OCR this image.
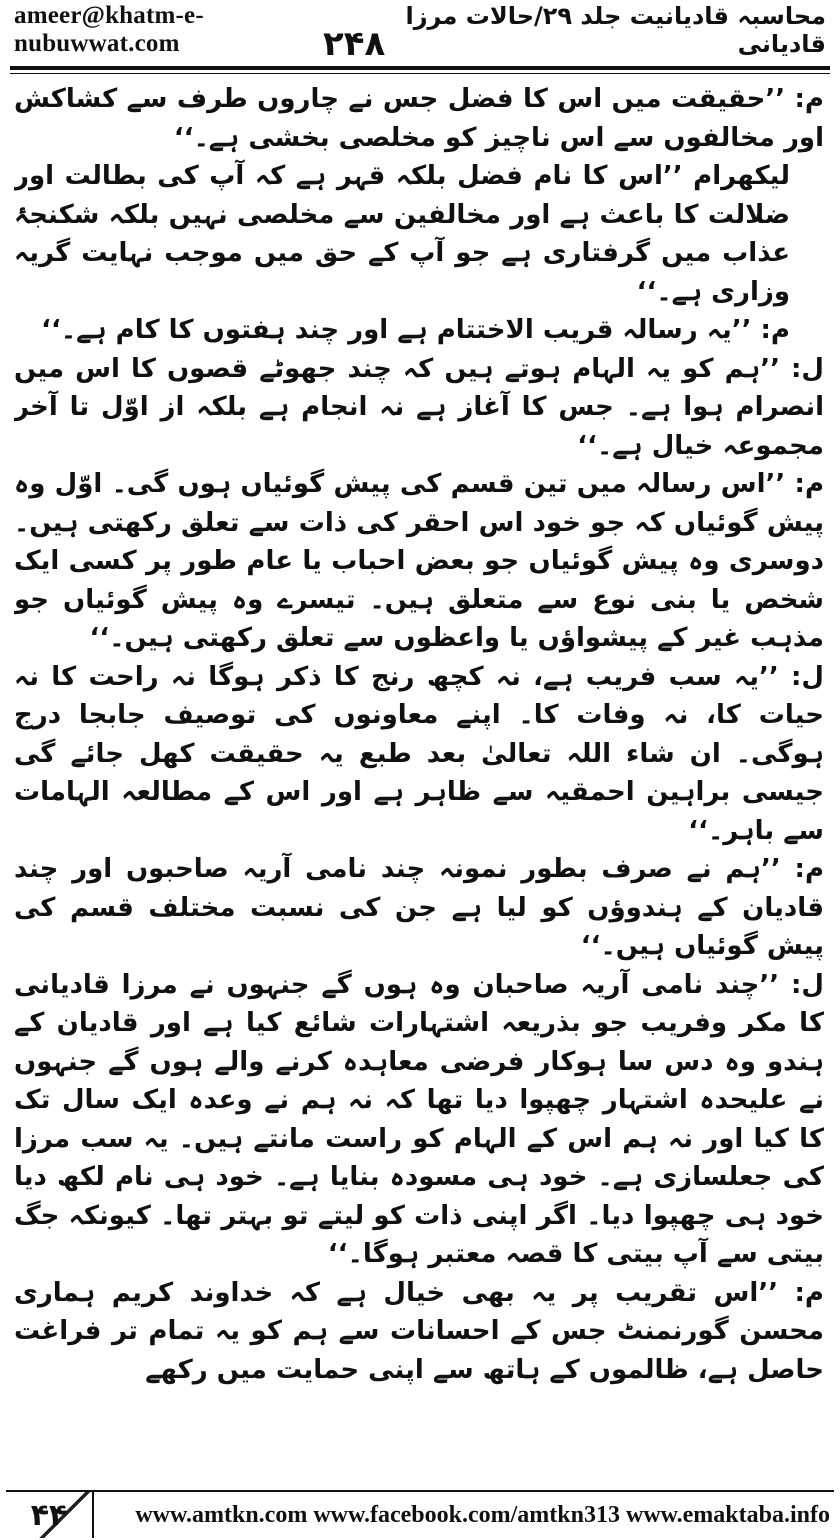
ameer@khatm-e-nubuwwat.com	۲۴۸
محاسبہ قادیانیت جلد ۲۹/حالات مرزا قادیانی

م: ’’حقیقت میں اس کا فضل جس نے چاروں طرف سے کشاکش اور مخالفوں سے اس ناچیز کو مخلصی بخشی ہے۔‘‘

لیکھرام ’’اس کا نام فضل بلکہ قہر ہے کہ آپ کی بطالت اور ضلالت کا باعث ہے اور مخالفین سے مخلصی نہیں بلکہ شکنجۂ عذاب میں گرفتاری ہے جو آپ کے حق میں موجب نہایت گریہ وزاری ہے۔‘‘

م: ’’یہ رسالہ قریب الاختتام ہے اور چند ہفتوں کا کام ہے۔‘‘

ل: ’’ہم کو یہ الہام ہوتے ہیں کہ چند جھوٹے قصوں کا اس میں انصرام ہوا ہے۔ جس کا آغاز ہے نہ انجام ہے بلکہ از اوّل تا آخر مجموعہ خیال ہے۔‘‘

م: ’’اس رسالہ میں تین قسم کی پیش گوئیاں ہوں گی۔ اوّل وہ پیش گوئیاں کہ جو خود اس احقر کی ذات سے تعلق رکھتی ہیں۔ دوسری وہ پیش گوئیاں جو بعض احباب یا عام طور پر کسی ایک شخص یا بنی نوع سے متعلق ہیں۔ تیسرے وہ پیش گوئیاں جو مذہب غیر کے پیشواؤں یا واعظوں سے تعلق رکھتی ہیں۔‘‘

ل: ’’یہ سب فریب ہے، نہ کچھ رنج کا ذکر ہوگا نہ راحت کا نہ حیات کا، نہ وفات کا۔ اپنے معاونوں کی توصیف جابجا درج ہوگی۔ ان شاء اللہ تعالیٰ بعد طبع یہ حقیقت کھل جائے گی جیسی براہین احمقیہ سے ظاہر ہے اور اس کے مطالعہ الہامات سے باہر۔‘‘

م: ’’ہم نے صرف بطور نمونہ چند نامی آریہ صاحبوں اور چند قادیان کے ہندوؤں کو لیا ہے جن کی نسبت مختلف قسم کی پیش گوئیاں ہیں۔‘‘

ل: ’’چند نامی آریہ صاحبان وہ ہوں گے جنہوں نے مرزا قادیانی کا مکر وفریب جو بذریعہ اشتہارات شائع کیا ہے اور قادیان کے ہندو وہ دس سا ہوکار فرضی معاہدہ کرنے والے ہوں گے جنہوں نے علیحدہ اشتہار چھپوا دیا تھا کہ نہ ہم نے وعدہ ایک سال تک کا کیا اور نہ ہم اس کے الہام کو راست مانتے ہیں۔ یہ سب مرزا کی جعلسازی ہے۔ خود ہی مسودہ بنایا ہے۔ خود ہی نام لکھ دیا خود ہی چھپوا دیا۔ اگر اپنی ذات کو لیتے تو بہتر تھا۔ کیونکہ جگ بیتی سے آپ بیتی کا قصہ معتبر ہوگا۔‘‘

م: ’’اس تقریب پر یہ بھی خیال ہے کہ خداوند کریم ہماری محسن گورنمنٹ جس کے احسانات سے ہم کو یہ تمام تر فراغت حاصل ہے، ظالموں کے ہاتھ سے اپنی حمایت میں رکھے

۴۴	www.amtkn.com www.facebook.com/amtkn313 www.emaktaba.info
